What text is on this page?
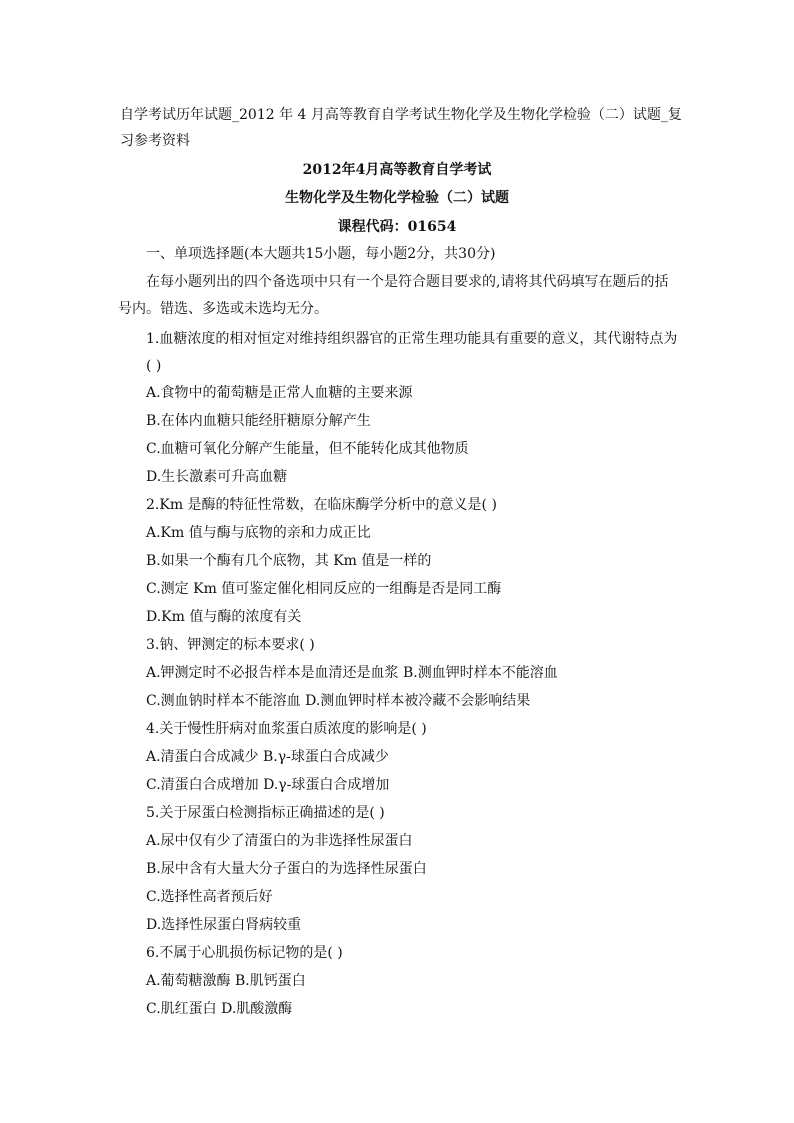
自学考试历年试题_2012 年 4 月高等教育自学考试生物化学及生物化学检验（二）试题_复
习参考资料
2012年4月高等教育自学考试
生物化学及生物化学检验（二）试题
课程代码：01654
一、单项选择题(本大题共15小题，每小题2分，共30分)
在每小题列出的四个备选项中只有一个是符合题目要求的,请将其代码填写在题后的括
号内。错选、多选或未选均无分。
1.血糖浓度的相对恒定对维持组织器官的正常生理功能具有重要的意义，其代谢特点为
( )
A.食物中的葡萄糖是正常人血糖的主要来源
B.在体内血糖只能经肝糖原分解产生
C.血糖可氧化分解产生能量，但不能转化成其他物质
D.生长激素可升高血糖
2.Km 是酶的特征性常数，在临床酶学分析中的意义是( )
A.Km 值与酶与底物的亲和力成正比
B.如果一个酶有几个底物，其 Km 值是一样的
C.测定 Km 值可鉴定催化相同反应的一组酶是否是同工酶
D.Km 值与酶的浓度有关
3.钠、钾测定的标本要求( )
A.钾测定时不必报告样本是血清还是血浆 B.测血钾时样本不能溶血
C.测血钠时样本不能溶血 D.测血钾时样本被冷藏不会影响结果
4.关于慢性肝病对血浆蛋白质浓度的影响是( )
A.清蛋白合成减少 B.γ-球蛋白合成减少
C.清蛋白合成增加 D.γ-球蛋白合成增加
5.关于尿蛋白检测指标正确描述的是( )
A.尿中仅有少了清蛋白的为非选择性尿蛋白
B.尿中含有大量大分子蛋白的为选择性尿蛋白
C.选择性高者预后好
D.选择性尿蛋白肾病较重
6.不属于心肌损伤标记物的是( )
A.葡萄糖激酶 B.肌钙蛋白
C.肌红蛋白 D.肌酸激酶
